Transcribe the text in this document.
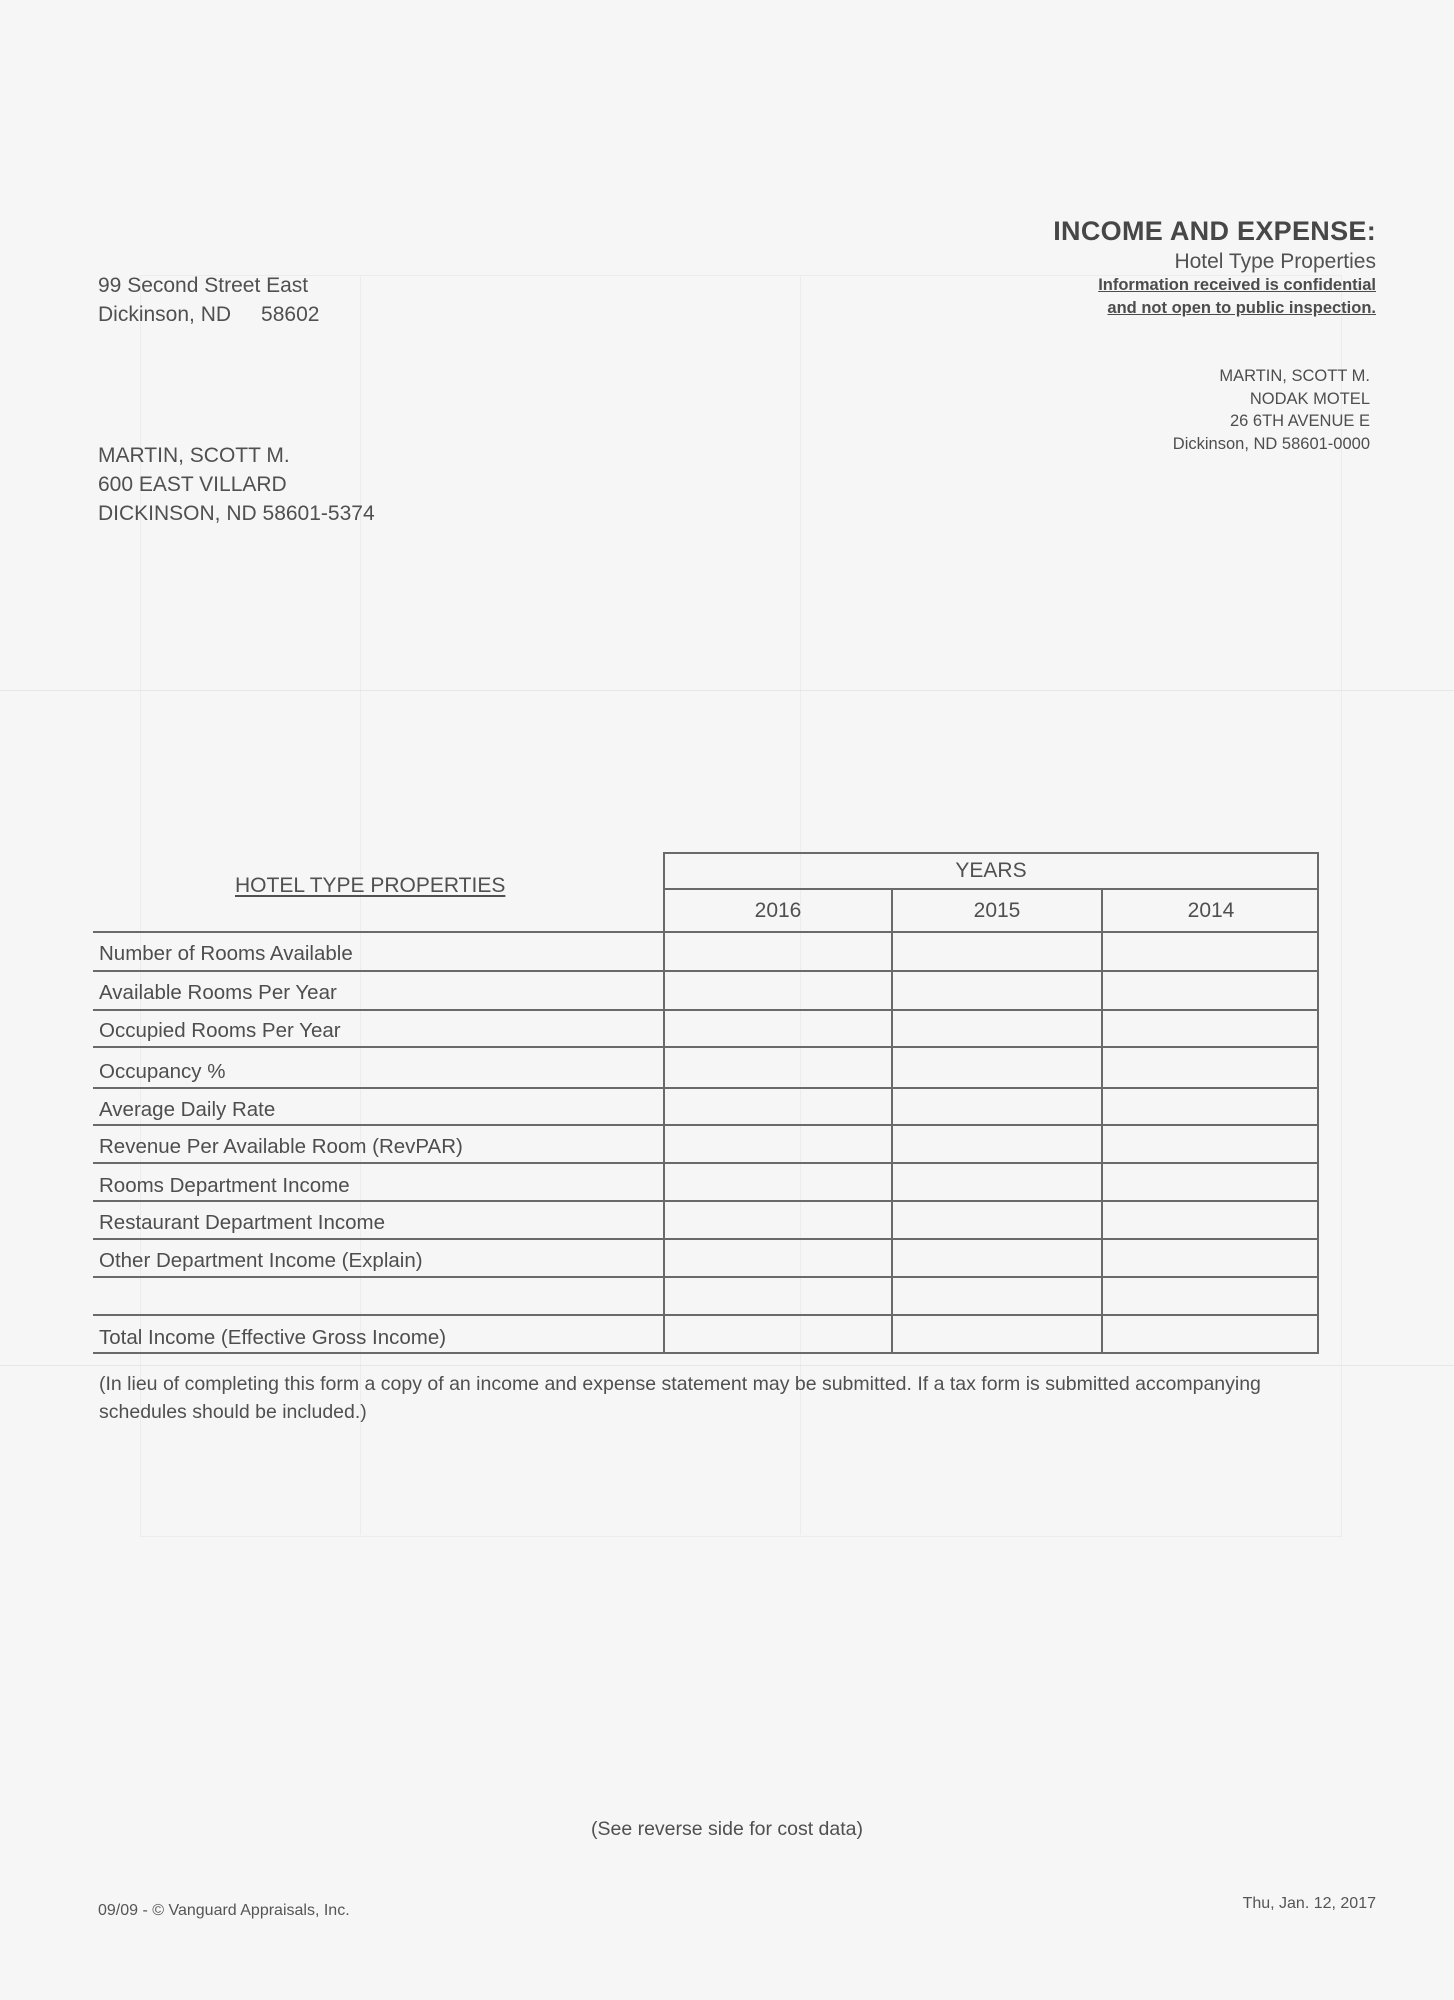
99 Second Street East
Dickinson, ND 58602
INCOME AND EXPENSE:
Hotel Type Properties
Information received is confidential
and not open to public inspection.
MARTIN, SCOTT M.
NODAK MOTEL
26 6TH AVENUE E
Dickinson, ND 58601-0000
MARTIN, SCOTT M.
600 EAST VILLARD
DICKINSON, ND 58601-5374
HOTEL TYPE PROPERTIES
YEARS
2016	2015	2014
Number of Rooms Available
Available Rooms Per Year
Occupied Rooms Per Year
Occupancy %
Average Daily Rate
Revenue Per Available Room (RevPAR)
Rooms Department Income
Restaurant Department Income
Other Department Income (Explain)
Total Income (Effective Gross Income)
(In lieu of completing this form a copy of an income and expense statement may be submitted. If a tax form is submitted accompanying schedules should be included.)
(See reverse side for cost data)
09/09 - © Vanguard Appraisals, Inc.	Thu, Jan. 12, 2017
